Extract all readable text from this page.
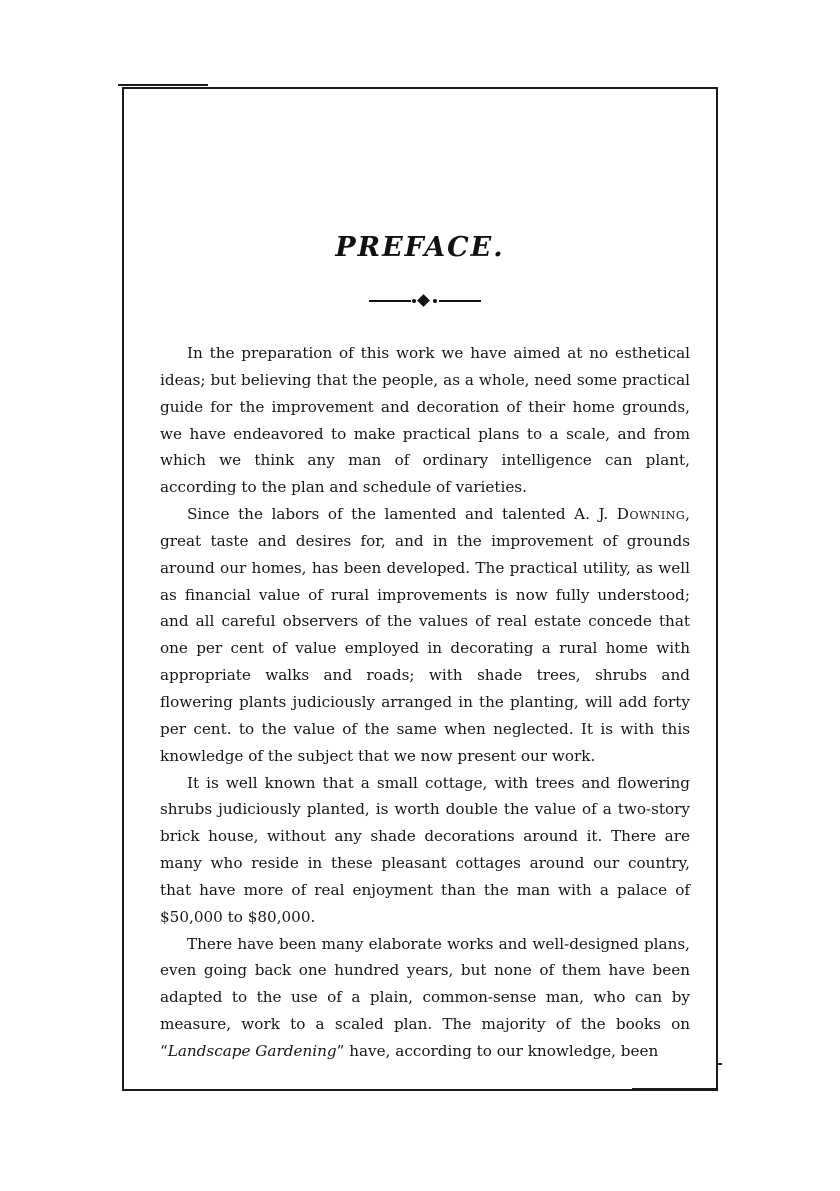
PREFACE.

In the preparation of this work we have aimed at no esthetical ideas; but believing that the people, as a whole, need some practical guide for the improvement and decoration of their home grounds, we have endeavored to make practical plans to a scale, and from which we think any man of ordinary intelligence can plant, according to the plan and schedule of varieties.

Since the labors of the lamented and talented A. J. Downing, great taste and desires for, and in the improvement of grounds around our homes, has been developed. The practical utility, as well as financial value of rural improvements is now fully understood; and all careful observers of the values of real estate concede that one per cent of value employed in decorating a rural home with appropriate walks and roads; with shade trees, shrubs and flowering plants judiciously arranged in the planting, will add forty per cent. to the value of the same when neglected. It is with this knowledge of the subject that we now present our work.

It is well known that a small cottage, with trees and flowering shrubs judiciously planted, is worth double the value of a two-story brick house, without any shade decorations around it. There are many who reside in these pleasant cottages around our country, that have more of real enjoyment than the man with a palace of $50,000 to $80,000.

There have been many elaborate works and well-designed plans, even going back one hundred years, but none of them have been adapted to the use of a plain, common-sense man, who can by measure, work to a scaled plan. The majority of the books on “Landscape Gardening” have, according to our knowledge, been
